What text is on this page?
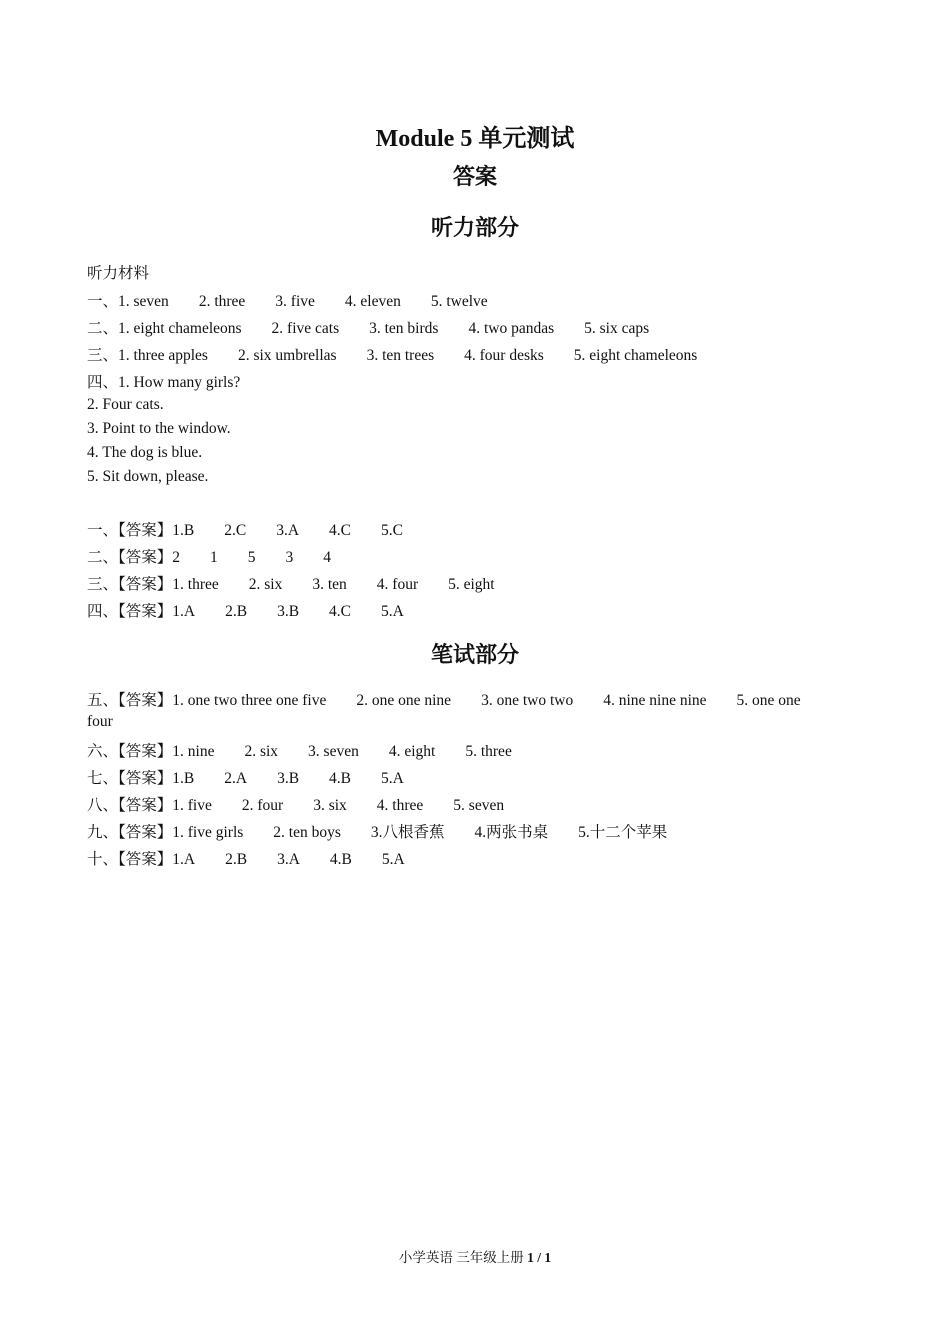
Module 5 单元测试
答案
听力部分
听力材料
一、1. seven 2. three 3. five 4. eleven 5. twelve
二、1. eight chameleons 2. five cats 3. ten birds 4. two pandas 5. six caps
三、1. three apples 2. six umbrellas 3. ten trees 4. four desks 5. eight chameleons
四、1. How many girls?
2. Four cats.
3. Point to the window.
4. The dog is blue.
5. Sit down, please.
一、【答案】1.B 2.C 3.A 4.C 5.C
二、【答案】2 1 5 3 4
三、【答案】1. three 2. six 3. ten 4. four 5. eight
四、【答案】1.A 2.B 3.B 4.C 5.A
笔试部分
五、【答案】1. one two three one five 2. one one nine 3. one two two 4. nine nine nine 5. one one
four
六、【答案】1. nine 2. six 3. seven 4. eight 5. three
七、【答案】1.B 2.A 3.B 4.B 5.A
八、【答案】1. five 2. four 3. six 4. three 5. seven
九、【答案】1. five girls 2. ten boys 3.八根香蕉 4.两张书桌 5.十二个苹果
十、【答案】1.A 2.B 3.A 4.B 5.A
小学英语 三年级上册 1 / 1
